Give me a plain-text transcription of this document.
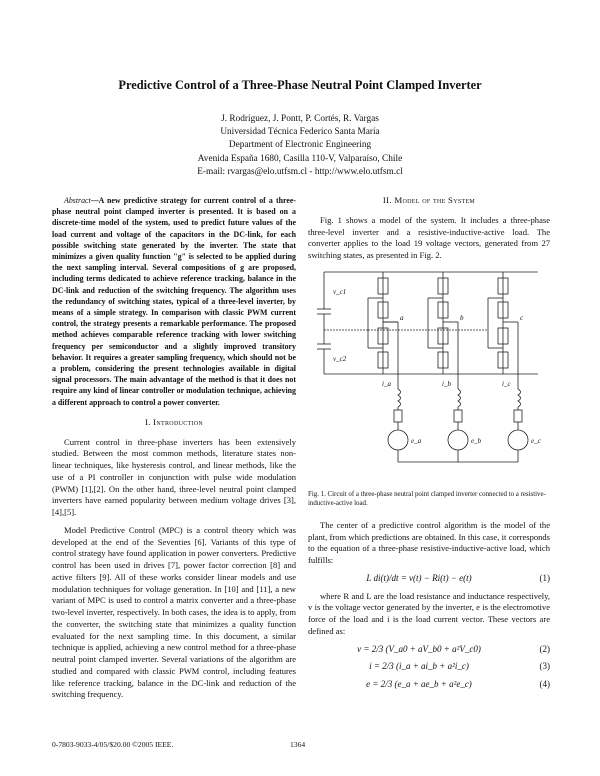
Predictive Control of a Three-Phase Neutral Point Clamped Inverter
J. Rodríguez, J. Pontt, P. Cortés, R. Vargas
Universidad Técnica Federico Santa María
Department of Electronic Engineering
Avenida España 1680, Casilla 110-V, Valparaíso, Chile
E-mail: rvargas@elo.utfsm.cl - http://www.elo.utfsm.cl

Abstract—A new predictive strategy for current control of a three-phase neutral point clamped inverter is presented. It is based on a discrete-time model of the system, used to predict future values of the load current and voltage of the capacitors in the DC-link, for each possible switching state generated by the inverter. The state that minimizes a given quality function "g" is selected to be applied during the next sampling interval. Several compositions of g are proposed, including terms dedicated to achieve reference tracking, balance in the DC-link and reduction of the switching frequency. The algorithm uses the redundancy of switching states, typical of a three-level inverter, by means of a simple strategy. In comparison with classic PWM current control, the strategy presents a remarkable performance. The proposed method achieves comparable reference tracking with lower switching frequency per semiconductor and a slightly improved transitory behavior. It requires a greater sampling frequency, which should not be a problem, considering the present technologies available in digital signal processors. The main advantage of the method is that it does not require any kind of linear controller or modulation technique, achieving a different approach to control a power converter.

I. Introduction

Current control in three-phase inverters has been extensively studied. Between the most common methods, literature states non-linear techniques, like hysteresis control, and linear methods, like the use of a PI controller in conjunction with pulse wide modulation (PWM) [1],[2]. On the other hand, three-level neutral point clamped inverters have earned popularity between medium voltage drives [3],[4],[5].

Model Predictive Control (MPC) is a control theory which was developed at the end of the Seventies [6]. Variants of this type of control strategy have found application in power converters. Predictive control has been used in drives [7], power factor correction [8] and active filters [9]. All of these works consider linear models and use modulation techniques for voltage generation. In [10] and [11], a new variant of MPC is used to control a matrix converter and a three-phase two-level inverter, respectively. In both cases, the idea is to apply, from the converter, the switching state that minimizes a quality function evaluated for the next sampling time. In this document, a similar technique is applied, achieving a new control method for a three-phase neutral point clamped inverter. Several variations of the algorithm are studied and compared with classic PWM control, including features like reference tracking, balance in the DC-link and reduction of the switching frequency.

II. Model of the System

Fig. 1 shows a model of the system. It includes a three-phase three-level inverter and a resistive-inductive-active load. The converter applies to the load 19 voltage vectors, generated from 27 switching states, as presented in Fig. 2.

v_c1
v_c2
a	b	c
i_a	i_b	i_c
e_a	e_b	e_c
Fig. 1. Circuit of a three-phase neutral point clamped inverter connected to a resistive-inductive-active load.

The center of a predictive control algorithm is the model of the plant, from which predictions are obtained. In this case, it corresponds to the equation of a three-phase resistive-inductive-active load, which fulfills:

L di(t)/dt = v(t) − Ri(t) − e(t)	(1)

where R and L are the load resistance and inductance respectively, v is the voltage vector generated by the inverter, e is the electromotive force of the load and i is the load current vector. These vectors are defined as:

v = 2/3 (V_a0 + aV_b0 + a²V_c0)	(2)
i = 2/3 (i_a + ai_b + a²i_c)	(3)
e = 2/3 (e_a + ae_b + a²e_c)	(4)
0-7803-9033-4/05/$20.00 ©2005 IEEE.	1364
